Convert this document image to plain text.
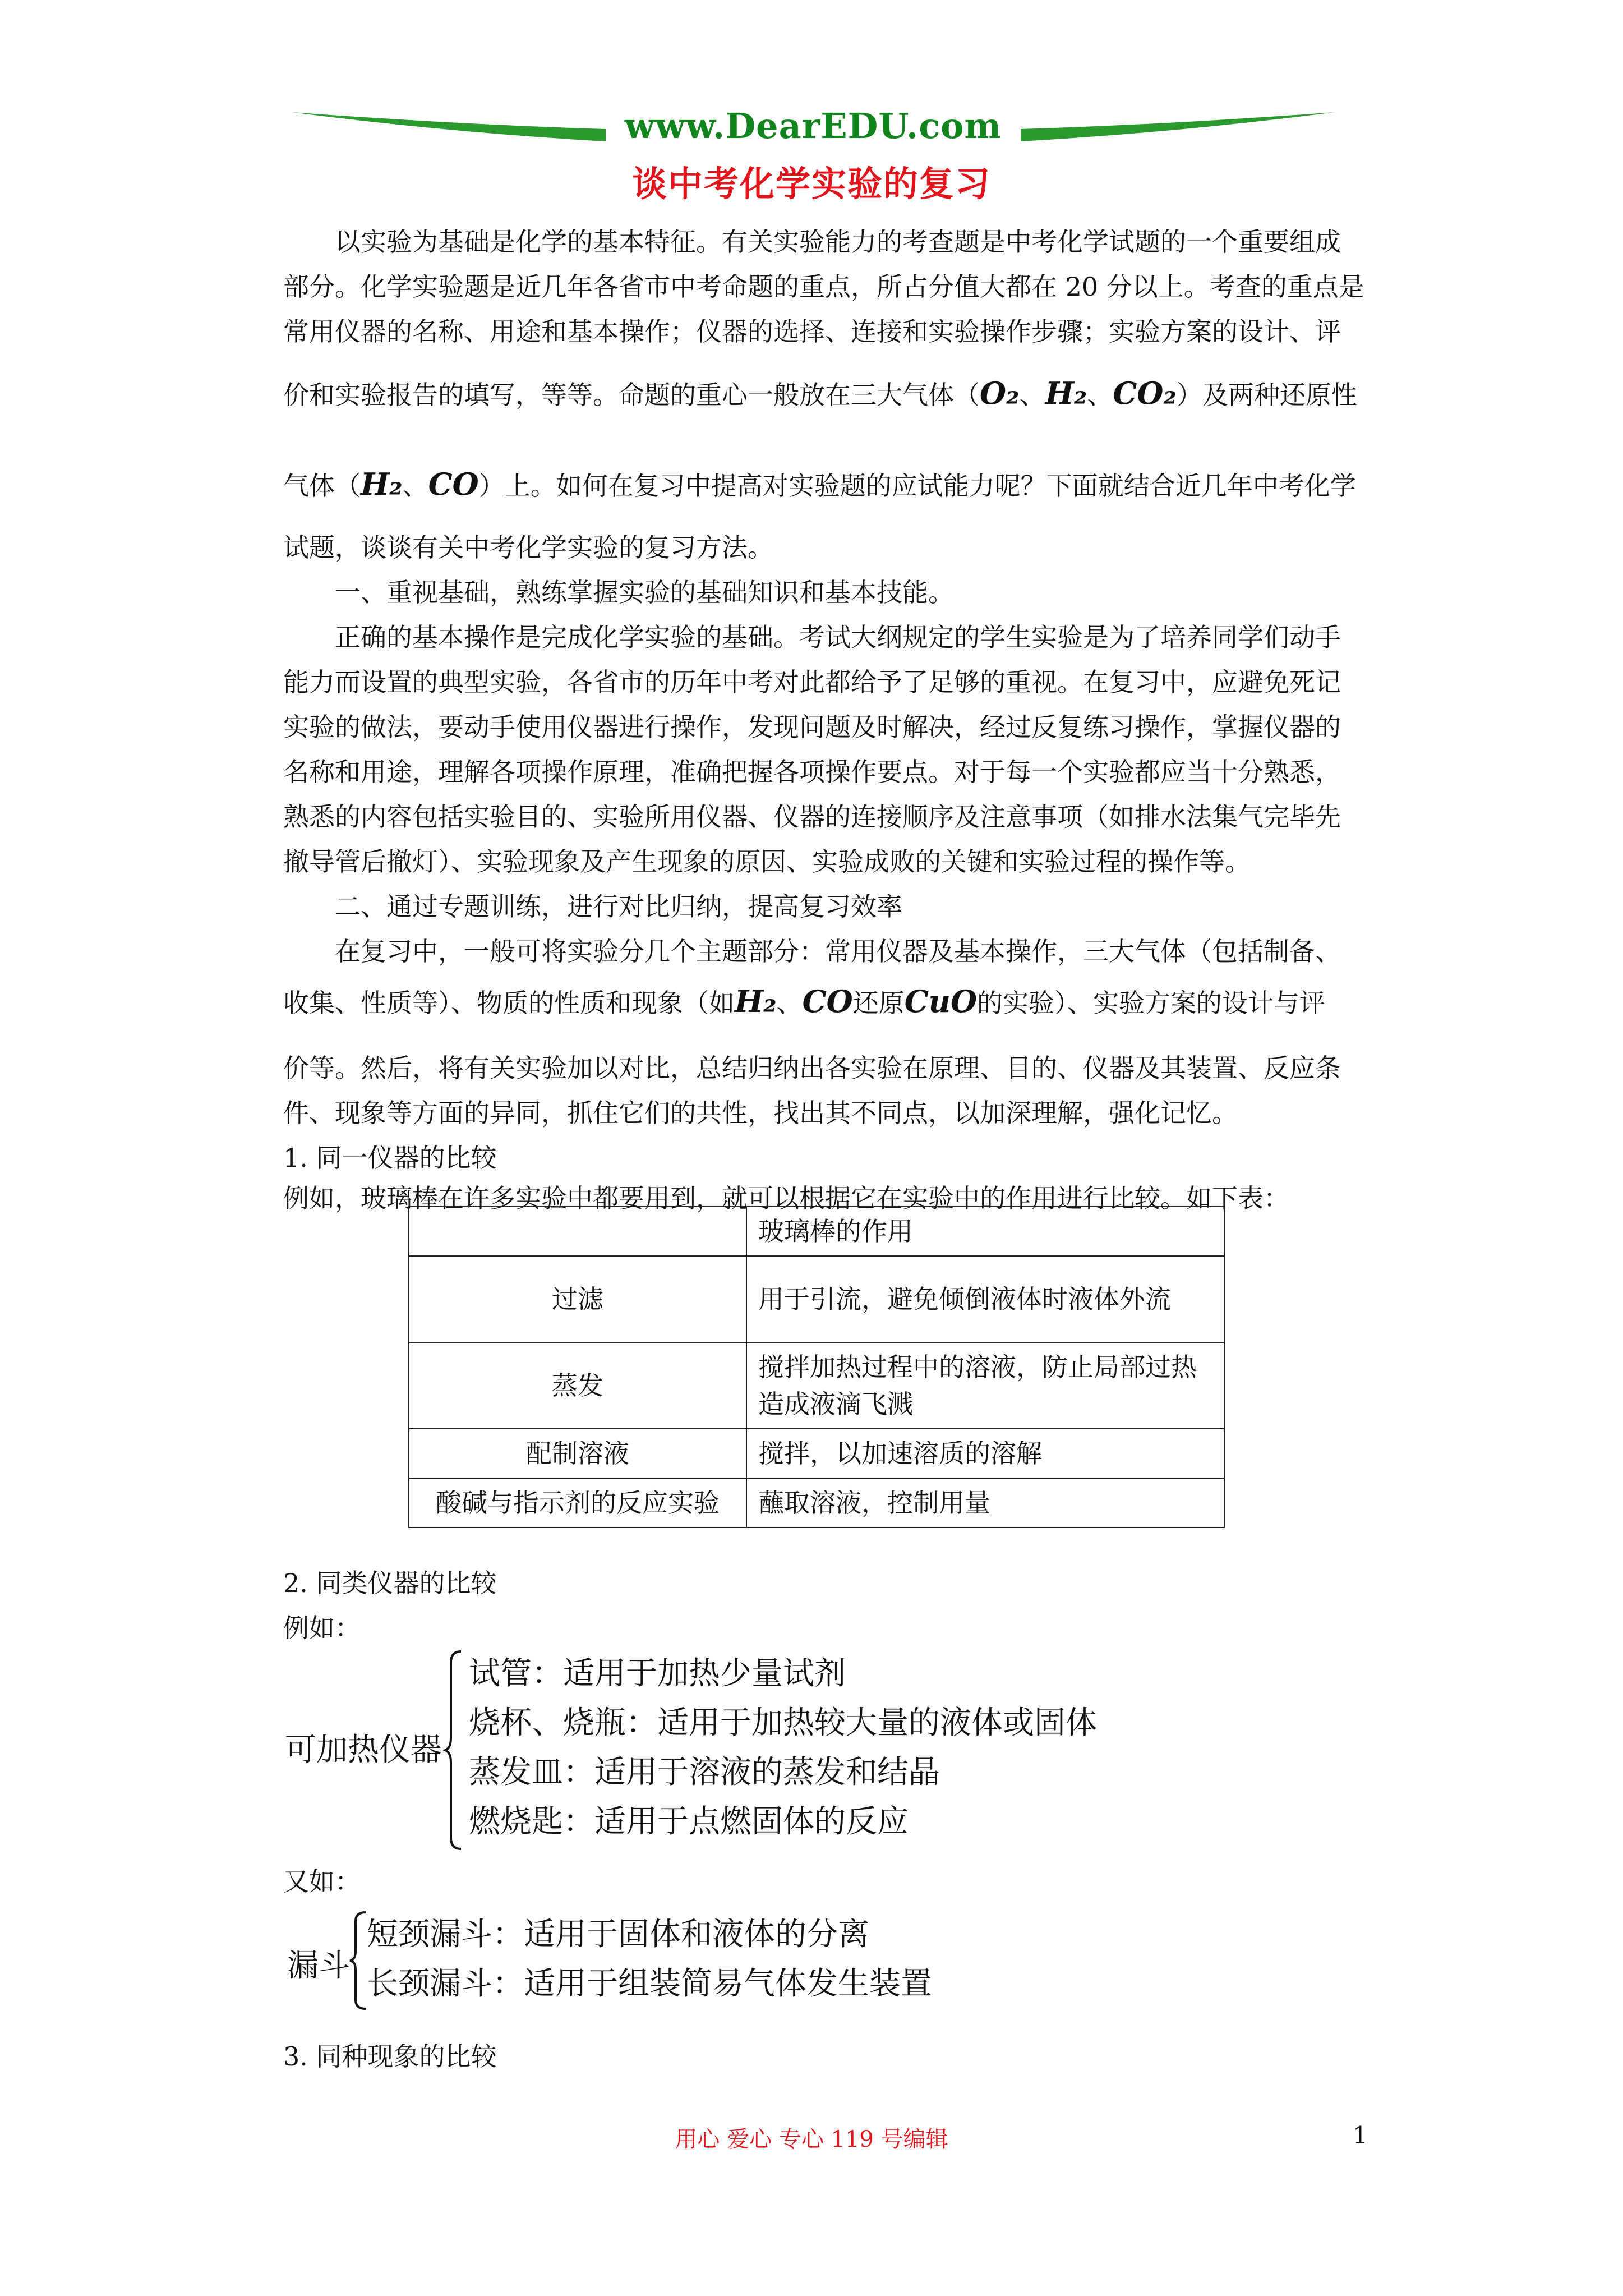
www.DearEDU.com
谈中考化学实验的复习
以实验为基础是化学的基本特征。有关实验能力的考查题是中考化学试题的一个重要组成
部分。化学实验题是近几年各省市中考命题的重点，所占分值大都在 20 分以上。考查的重点是
常用仪器的名称、用途和基本操作；仪器的选择、连接和实验操作步骤；实验方案的设计、评
价和实验报告的填写，等等。命题的重心一般放在三大气体（O₂、H₂、CO₂）及两种还原性
气体（H₂、CO）上。如何在复习中提高对实验题的应试能力呢？下面就结合近几年中考化学
试题，谈谈有关中考化学实验的复习方法。
一、重视基础，熟练掌握实验的基础知识和基本技能。
正确的基本操作是完成化学实验的基础。考试大纲规定的学生实验是为了培养同学们动手
能力而设置的典型实验，各省市的历年中考对此都给予了足够的重视。在复习中，应避免死记
实验的做法，要动手使用仪器进行操作，发现问题及时解决，经过反复练习操作，掌握仪器的
名称和用途，理解各项操作原理，准确把握各项操作要点。对于每一个实验都应当十分熟悉，
熟悉的内容包括实验目的、实验所用仪器、仪器的连接顺序及注意事项（如排水法集气完毕先
撤导管后撤灯）、实验现象及产生现象的原因、实验成败的关键和实验过程的操作等。
二、通过专题训练，进行对比归纳，提高复习效率
在复习中，一般可将实验分几个主题部分：常用仪器及基本操作，三大气体（包括制备、
收集、性质等）、物质的性质和现象（如H₂、CO还原CuO的实验）、实验方案的设计与评
价等。然后，将有关实验加以对比，总结归纳出各实验在原理、目的、仪器及其装置、反应条
件、现象等方面的异同，抓住它们的共性，找出其不同点，以加深理解，强化记忆。
1. 同一仪器的比较
例如，玻璃棒在许多实验中都要用到，就可以根据它在实验中的作用进行比较。如下表：
	玻璃棒的作用
过滤	用于引流，避免倾倒液体时液体外流
蒸发	搅拌加热过程中的溶液，防止局部过热造成液滴飞溅
配制溶液	搅拌，以加速溶质的溶解
酸碱与指示剂的反应实验	蘸取溶液，控制用量
2. 同类仪器的比较
例如：
可加热仪器
试管：适用于加热少量试剂
烧杯、烧瓶：适用于加热较大量的液体或固体
蒸发皿：适用于溶液的蒸发和结晶
燃烧匙：适用于点燃固体的反应
又如：
漏斗
短颈漏斗：适用于固体和液体的分离
长颈漏斗：适用于组装简易气体发生装置
3. 同种现象的比较
用心 爱心 专心 119 号编辑	1
